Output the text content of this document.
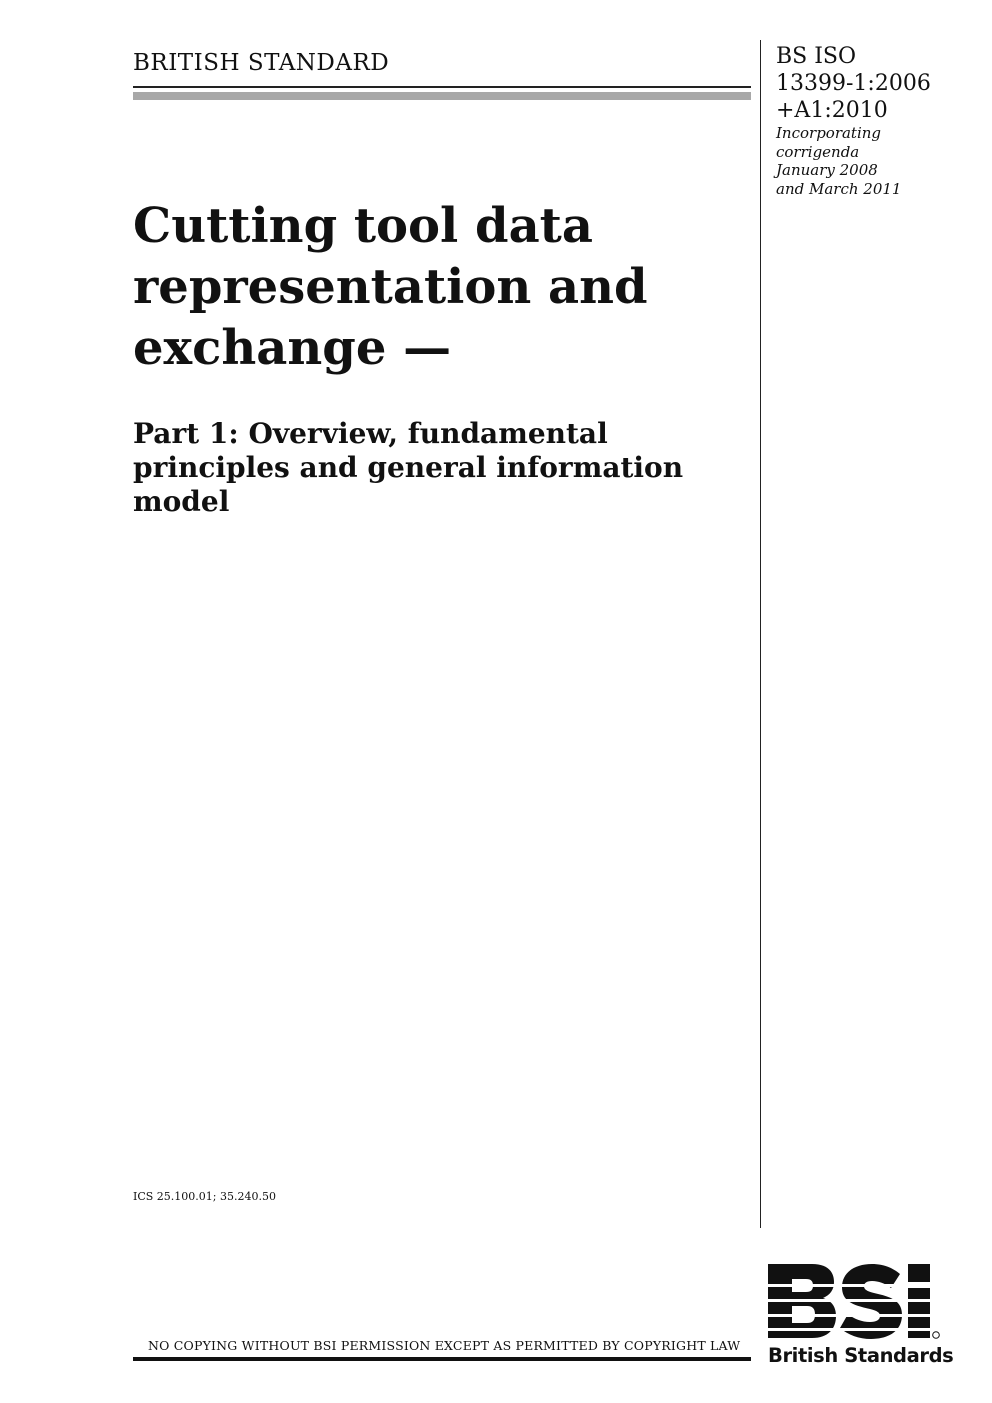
BRITISH STANDARD	BS ISO
13399-1:2006
+A1:2010
Incorporating
corrigenda
January 2008
and March 2011
Cutting tool data
representation and
exchange —
Part 1: Overview, fundamental
principles and general information
model
ICS 25.100.01; 35.240.50
NO COPYING WITHOUT BSI PERMISSION EXCEPT AS PERMITTED BY COPYRIGHT LAW British Standards
